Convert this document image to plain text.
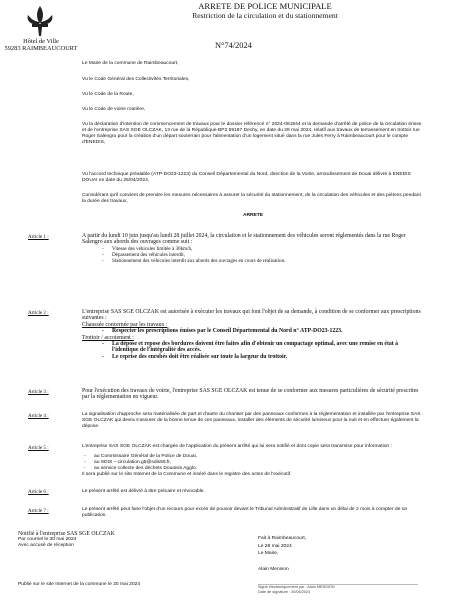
Hôtel de Ville
59283 RAIMBEAUCOURT
ARRETE DE POLICE MUNICIPALE
Restriction de la circulation et du stationnement
N°74/2024
Le Maire de la commune de Raimbeaucourt,
Vu le Code Général des Collectivités Territoriales,
Vu le Code de la Route,
Vu le Code de voirie routière,
Vu la déclaration d'intention de commencement de travaux pour le dossier référencé n° 2024-081944 et la demande d'arrêté de police de la circulation émise et de l'entreprise SAS SGE OLCZAK, 13 rue de la République-BP2 59187 Dechy, en date du 28 mai 2024, relatif aux travaux de terrassement en trottoir rue Roger Salengro pour la création d'un départ souterrain pour l'alimentation d'un logement situé dans la rue Jules Ferry à Raimbeaucourt pour le compte d'ENEDIS,
Vu l'accord technique préalable (ATP-DO23-1223) du Conseil Départemental du Nord, direction de la Voirie, arrondissement de Douai délivré à ENEDIS DOUAI en date du 25/04/2024,
Considérant qu'il convient de prendre les mesures nécessaires à assurer la sécurité du stationnement, de la circulation des véhicules et des piétons pendant la durée des travaux,
ARRETE
Article 1 :	A partir du lundi 10 juin jusqu'au lundi 28 juillet 2024, la circulation et le stationnement des véhicules seront réglementés dans la rue Roger Salengro aux abords des ouvrages comme suit :
- Vitesse des véhicules limitée à 30km/h,
- Dépassement des véhicules interdit,
- Stationnement des véhicules interdit aux abords des ouvrages en cours de réalisation.
Article 2 :	L'entreprise SAS SGE OLCZAK est autorisée à exécuter les travaux qui font l'objet de sa demande, à condition de se conformer aux prescriptions suivantes :
Chaussée concernée par les travaux :
- Respecter les prescriptions émises par le Conseil Départemental du Nord n° ATP-DO23-1223.
Trottoir / accotement :
- La dépose et repose des bordures doivent être faites afin d'obtenir un compactage optimal, avec une remise en état à l'identique de l'intégralité des accès.
- Le reprise des enrobés doit être réalisée sur toute la largeur du trottoir.
Article 3 :	Pour l'exécution des travaux de voirie, l'entreprise SAS SGE OLCZAK est tenue de se conformer aux mesures particulières de sécurité prescrites par la réglementation en vigueur.
Article 4 :	La signalisation d'approche sera matérialisée de part et d'autre du chantier par des panneaux conformes à la réglementation et installée par l'entreprise SAS SGE OLCZAK qui devra s'assurer de la bonne tenue de ces panneaux, installer des éléments de sécurité lumineux pour la nuit et en effectuer également la dépose.
Article 5 :	L'entreprise SAS SGE OLCZAK est chargée de l'application du présent arrêté qui lui sera notifié et dont copie sera transmise pour information :
- au Commissaire Général de la Police de Douai,
- au SDIS – circulation.g5@sdis59.fr,
- au service collecte des déchets Douaisis Agglo.
Il sera publié sur le site Internet de la Commune et inséré dans le registre des actes de l'exécutif.
Article 6 :	Le présent arrêté est délivré à titre précaire et révocable.
Article 7 :	Le présent arrêté peut faire l'objet d'un recours pour excès de pouvoir devant le Tribunal Administratif de Lille dans un délai de 2 mois à compter de sa publication.
Notifié à l'entreprise SAS SGE OLCZAK
Par courriel le 30 mai 2024
Avec accusé de réception
Fait à Raimbeaucourt,
Le 28 mai 2024
Le Maire,
Alain Mension
Signé électroniquement par : Alain MENSION
Date de signature : 30/05/2024
Publié sur le site Internet de la commune le 30 mai 2024
